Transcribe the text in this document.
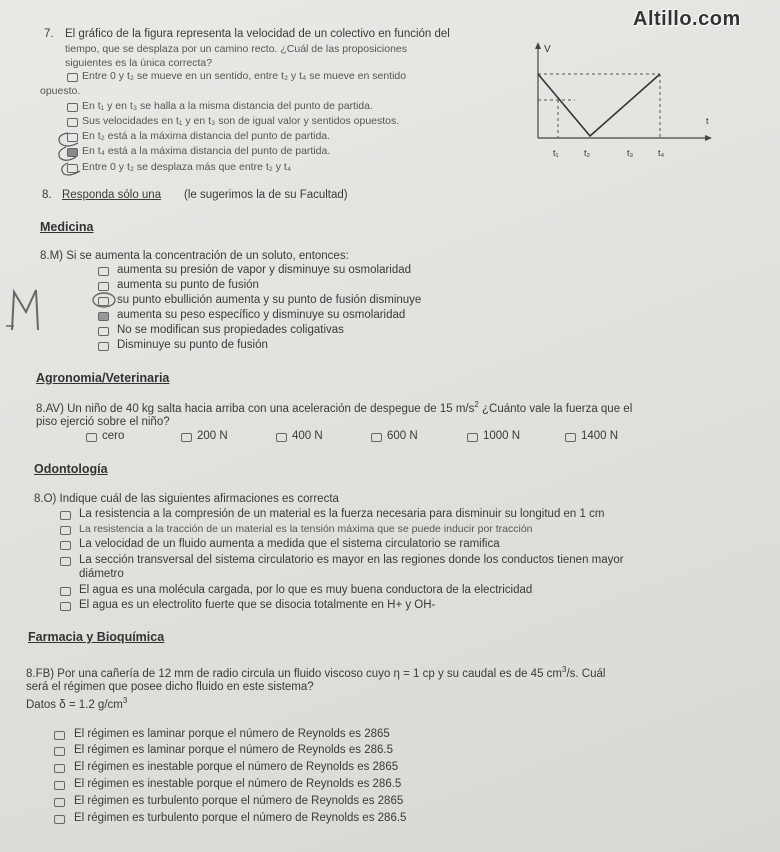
Altillo.com
7. El gráfico de la figura representa la velocidad de un colectivo en función del
tiempo, que se desplaza por un camino recto. ¿Cuál de las proposiciones
siguientes es la única correcta?
Entre 0 y t₂ se mueve en un sentido, entre t₂ y t₄ se mueve en sentido
opuesto.
En t₁ y en t₃ se halla a la misma distancia del punto de partida.
Sus velocidades en t₁ y en t₃ son de igual valor y sentidos opuestos.
En t₂ está a la máxima distancia del punto de partida.
En t₄ está a la máxima distancia del punto de partida.
Entre 0 y t₂ se desplaza más que entre t₂ y t₄
V
t
t₁	t₂	t₃	t₄
8. Responda sólo una (le sugerimos la de su Facultad)
Medicina
8.M) Si se aumenta la concentración de un soluto, entonces:
aumenta su presión de vapor y disminuye su osmolaridad
aumenta su punto de fusión
su punto ebullición aumenta y su punto de fusión disminuye
aumenta su peso específico y disminuye su osmolaridad
No se modifican sus propiedades coligativas
Disminuye su punto de fusión
Agronomia/Veterinaria
8.AV) Un niño de 40 kg salta hacia arriba con una aceleración de despegue de 15 $m/s^2$ ¿Cuánto vale la fuerza que el
piso ejerció sobre el niño?
cero	200 N	400 N	600 N	1000 N	1400 N
Odontología
8.O) Indique cuál de las siguientes afirmaciones es correcta
La resistencia a la compresión de un material es la fuerza necesaria para disminuir su longitud en 1 cm
La resistencia a la tracción de un material es la tensión máxima que se puede inducir por tracción
La velocidad de un fluido aumenta a medida que el sistema circulatorio se ramifica
La sección transversal del sistema circulatorio es mayor en las regiones donde los conductos tienen mayor
diámetro
El agua es una molécula cargada, por lo que es muy buena conductora de la electricidad
El agua es un electrolito fuerte que se disocia totalmente en H+ y OH-
Farmacia y Bioquímica
8.FB) Por una cañería de 12 mm de radio circula un fluido viscoso cuyo η = 1 cp y su caudal es de 45 $cm^3/s$. Cuál
será el régimen que posee dicho fluido en este sistema?
Datos δ = 1.2 $g/cm^3$
El régimen es laminar porque el número de Reynolds es 2865
El régimen es laminar porque el número de Reynolds es 286.5
El régimen es inestable porque el número de Reynolds es 2865
El régimen es inestable porque el número de Reynolds es 286.5
El régimen es turbulento porque el número de Reynolds es 2865
El régimen es turbulento porque el número de Reynolds es 286.5
